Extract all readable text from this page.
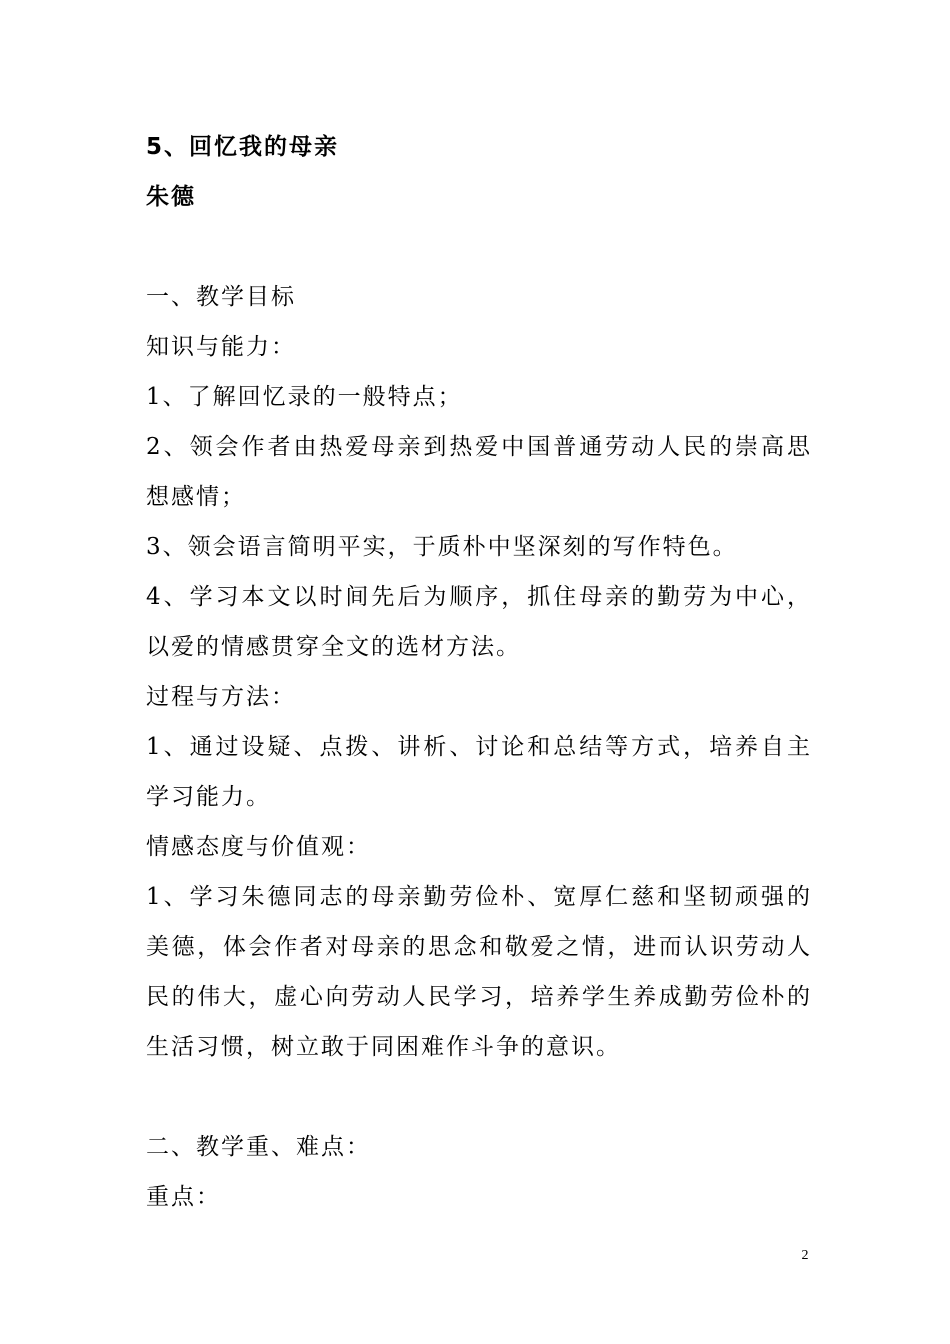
5、回忆我的母亲
朱德
一、教学目标
知识与能力：
1、了解回忆录的一般特点；
2、领会作者由热爱母亲到热爱中国普通劳动人民的崇高思想感情；
3、领会语言简明平实，于质朴中坚深刻的写作特色。
4、学习本文以时间先后为顺序，抓住母亲的勤劳为中心，以爱的情感贯穿全文的选材方法。
过程与方法：
1、通过设疑、点拨、讲析、讨论和总结等方式，培养自主学习能力。
情感态度与价值观：
1、学习朱德同志的母亲勤劳俭朴、宽厚仁慈和坚韧顽强的美德，体会作者对母亲的思念和敬爱之情，进而认识劳动人民的伟大，虚心向劳动人民学习，培养学生养成勤劳俭朴的生活习惯，树立敢于同困难作斗争的意识。
二、教学重、难点：
重点：
2
